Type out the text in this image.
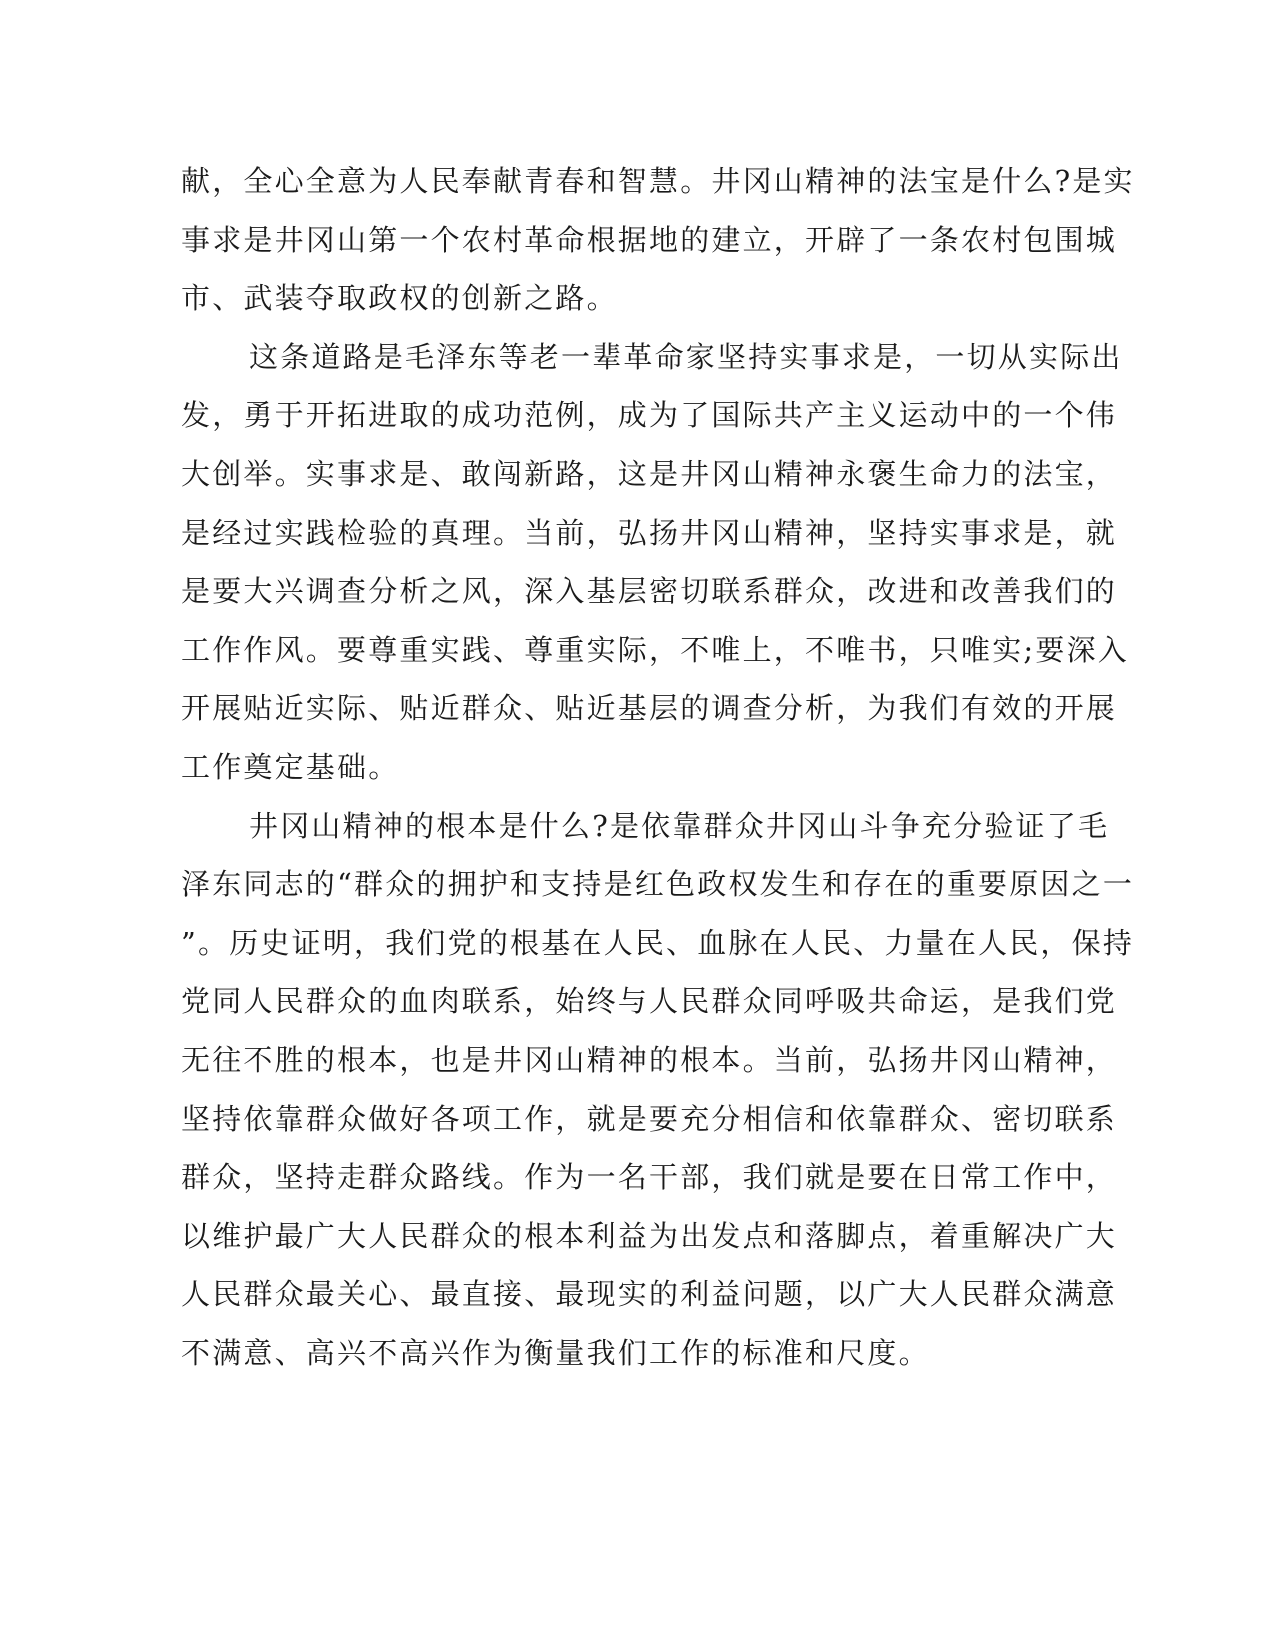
献，全心全意为人民奉献青春和智慧。井冈山精神的法宝是什么?是实
事求是井冈山第一个农村革命根据地的建立，开辟了一条农村包围城
市、武装夺取政权的创新之路。
这条道路是毛泽东等老一辈革命家坚持实事求是，一切从实际出
发，勇于开拓进取的成功范例，成为了国际共产主义运动中的一个伟
大创举。实事求是、敢闯新路，这是井冈山精神永褒生命力的法宝，
是经过实践检验的真理。当前，弘扬井冈山精神，坚持实事求是，就
是要大兴调查分析之风，深入基层密切联系群众，改进和改善我们的
工作作风。要尊重实践、尊重实际，不唯上，不唯书，只唯实;要深入
开展贴近实际、贴近群众、贴近基层的调查分析，为我们有效的开展
工作奠定基础。
井冈山精神的根本是什么?是依靠群众井冈山斗争充分验证了毛
泽东同志的“群众的拥护和支持是红色政权发生和存在的重要原因之一
”。历史证明，我们党的根基在人民、血脉在人民、力量在人民，保持
党同人民群众的血肉联系，始终与人民群众同呼吸共命运，是我们党
无往不胜的根本，也是井冈山精神的根本。当前，弘扬井冈山精神，
坚持依靠群众做好各项工作，就是要充分相信和依靠群众、密切联系
群众，坚持走群众路线。作为一名干部，我们就是要在日常工作中，
以维护最广大人民群众的根本利益为出发点和落脚点，着重解决广大
人民群众最关心、最直接、最现实的利益问题，以广大人民群众满意
不满意、高兴不高兴作为衡量我们工作的标准和尺度。
